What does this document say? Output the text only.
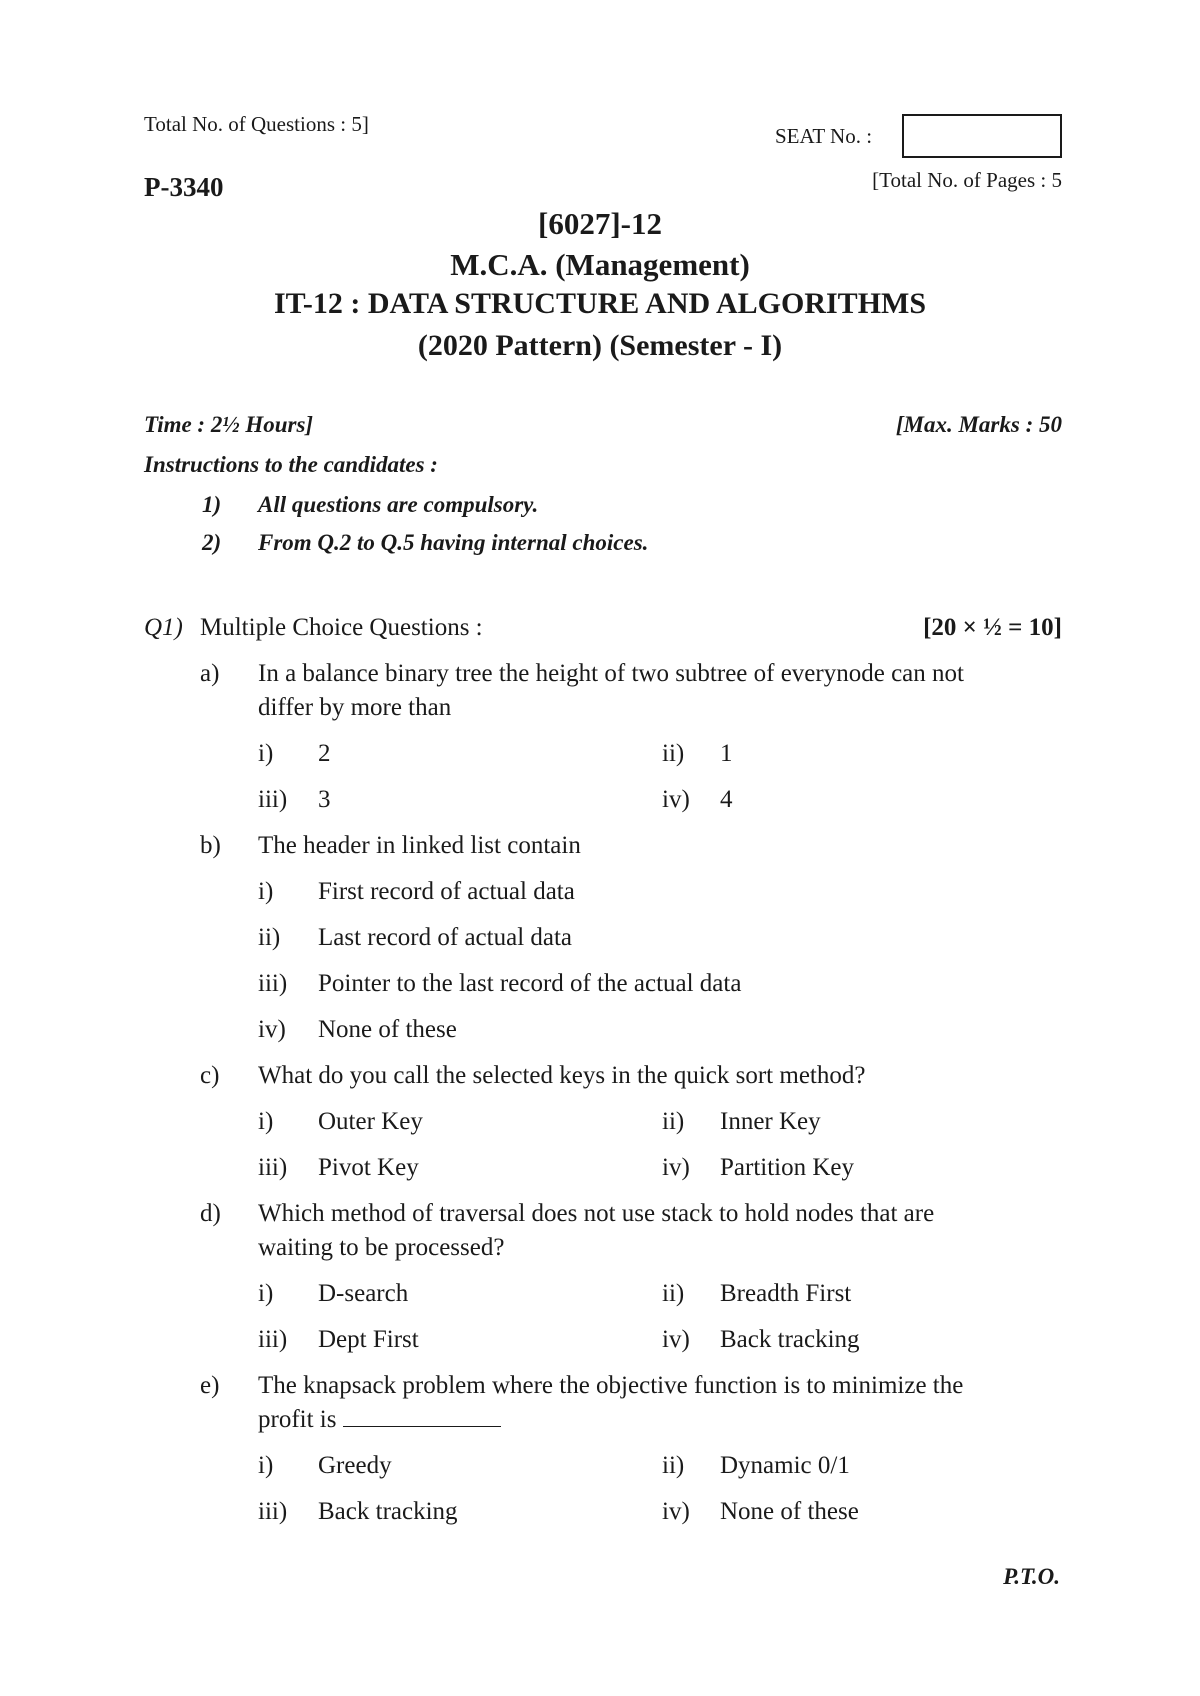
Total No. of Questions : 5]	SEAT No. :
P-3340	[Total No. of Pages : 5
[6027]-12
M.C.A. (Management)
IT-12 : DATA STRUCTURE AND ALGORITHMS
(2020 Pattern) (Semester - I)
Time : 2½ Hours]	[Max. Marks : 50
Instructions to the candidates :
1) All questions are compulsory.
2) From Q.2 to Q.5 having internal choices.
Q1) Multiple Choice Questions :	[20 × ½ = 10]
a) In a balance binary tree the height of two subtree of everynode can not
differ by more than
i) 2	ii) 1
iii) 3	iv) 4
b) The header in linked list contain
i) First record of actual data
ii) Last record of actual data
iii) Pointer to the last record of the actual data
iv) None of these
c) What do you call the selected keys in the quick sort method?
i) Outer Key	ii) Inner Key
iii) Pivot Key	iv) Partition Key
d) Which method of traversal does not use stack to hold nodes that are
waiting to be processed?
i) D-search	ii) Breadth First
iii) Dept First	iv) Back tracking
e) The knapsack problem where the objective function is to minimize the
profit is
i) Greedy	ii) Dynamic 0/1
iii) Back tracking	iv) None of these
P.T.O.
